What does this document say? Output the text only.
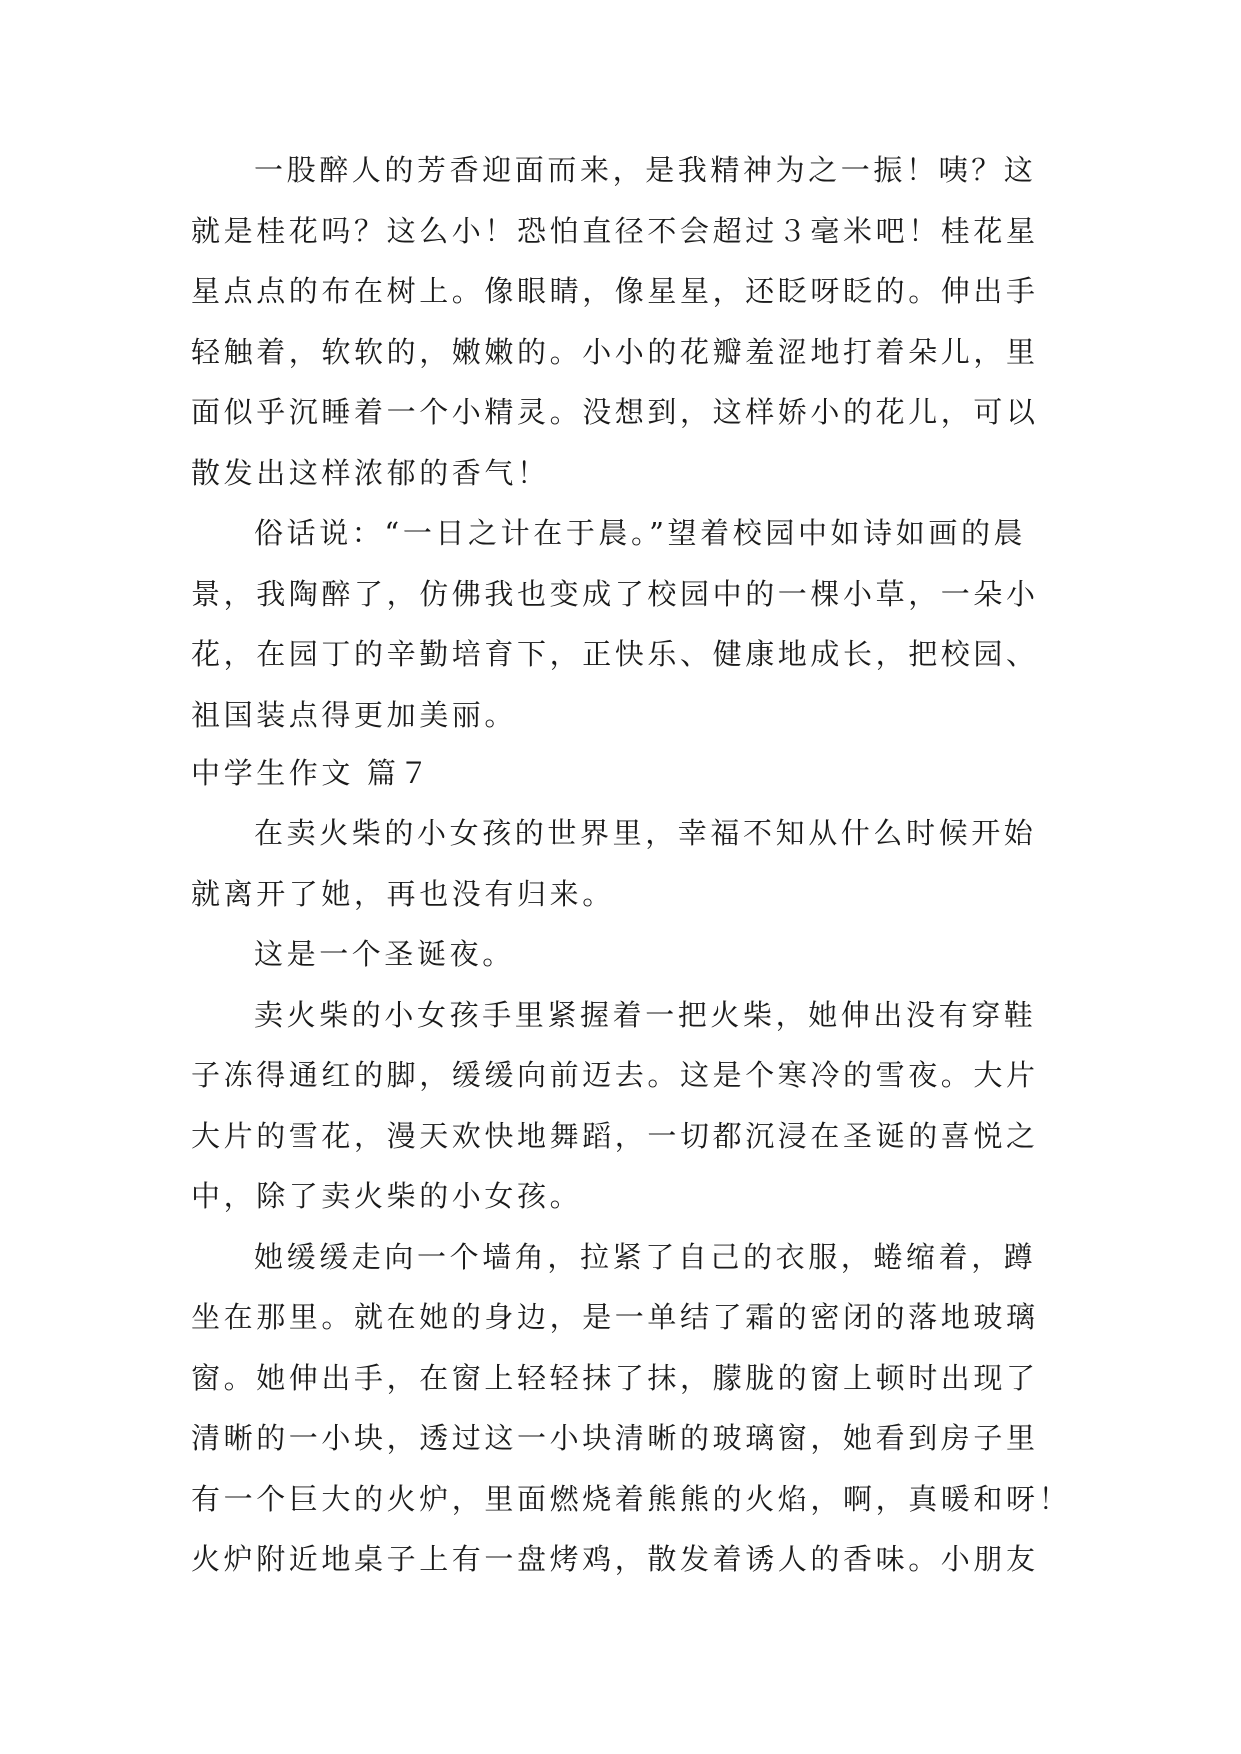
一股醉人的芳香迎面而来，是我精神为之一振！咦？这
就是桂花吗？这么小！恐怕直径不会超过３毫米吧！桂花星
星点点的布在树上。像眼睛，像星星，还眨呀眨的。伸出手
轻触着，软软的，嫩嫩的。小小的花瓣羞涩地打着朵儿，里
面似乎沉睡着一个小精灵。没想到，这样娇小的花儿，可以
散发出这样浓郁的香气！
俗话说：“一日之计在于晨。”望着校园中如诗如画的晨
景，我陶醉了，仿佛我也变成了校园中的一棵小草，一朵小
花，在园丁的辛勤培育下，正快乐、健康地成长，把校园、
祖国装点得更加美丽。
中学生作文 篇７
在卖火柴的小女孩的世界里，幸福不知从什么时候开始
就离开了她，再也没有归来。
这是一个圣诞夜。
卖火柴的小女孩手里紧握着一把火柴，她伸出没有穿鞋
子冻得通红的脚，缓缓向前迈去。这是个寒冷的雪夜。大片
大片的雪花，漫天欢快地舞蹈，一切都沉浸在圣诞的喜悦之
中，除了卖火柴的小女孩。
她缓缓走向一个墙角，拉紧了自己的衣服，蜷缩着，蹲
坐在那里。就在她的身边，是一单结了霜的密闭的落地玻璃
窗。她伸出手，在窗上轻轻抹了抹，朦胧的窗上顿时出现了
清晰的一小块，透过这一小块清晰的玻璃窗，她看到房子里
有一个巨大的火炉，里面燃烧着熊熊的火焰，啊，真暖和呀！
火炉附近地桌子上有一盘烤鸡，散发着诱人的香味。小朋友
